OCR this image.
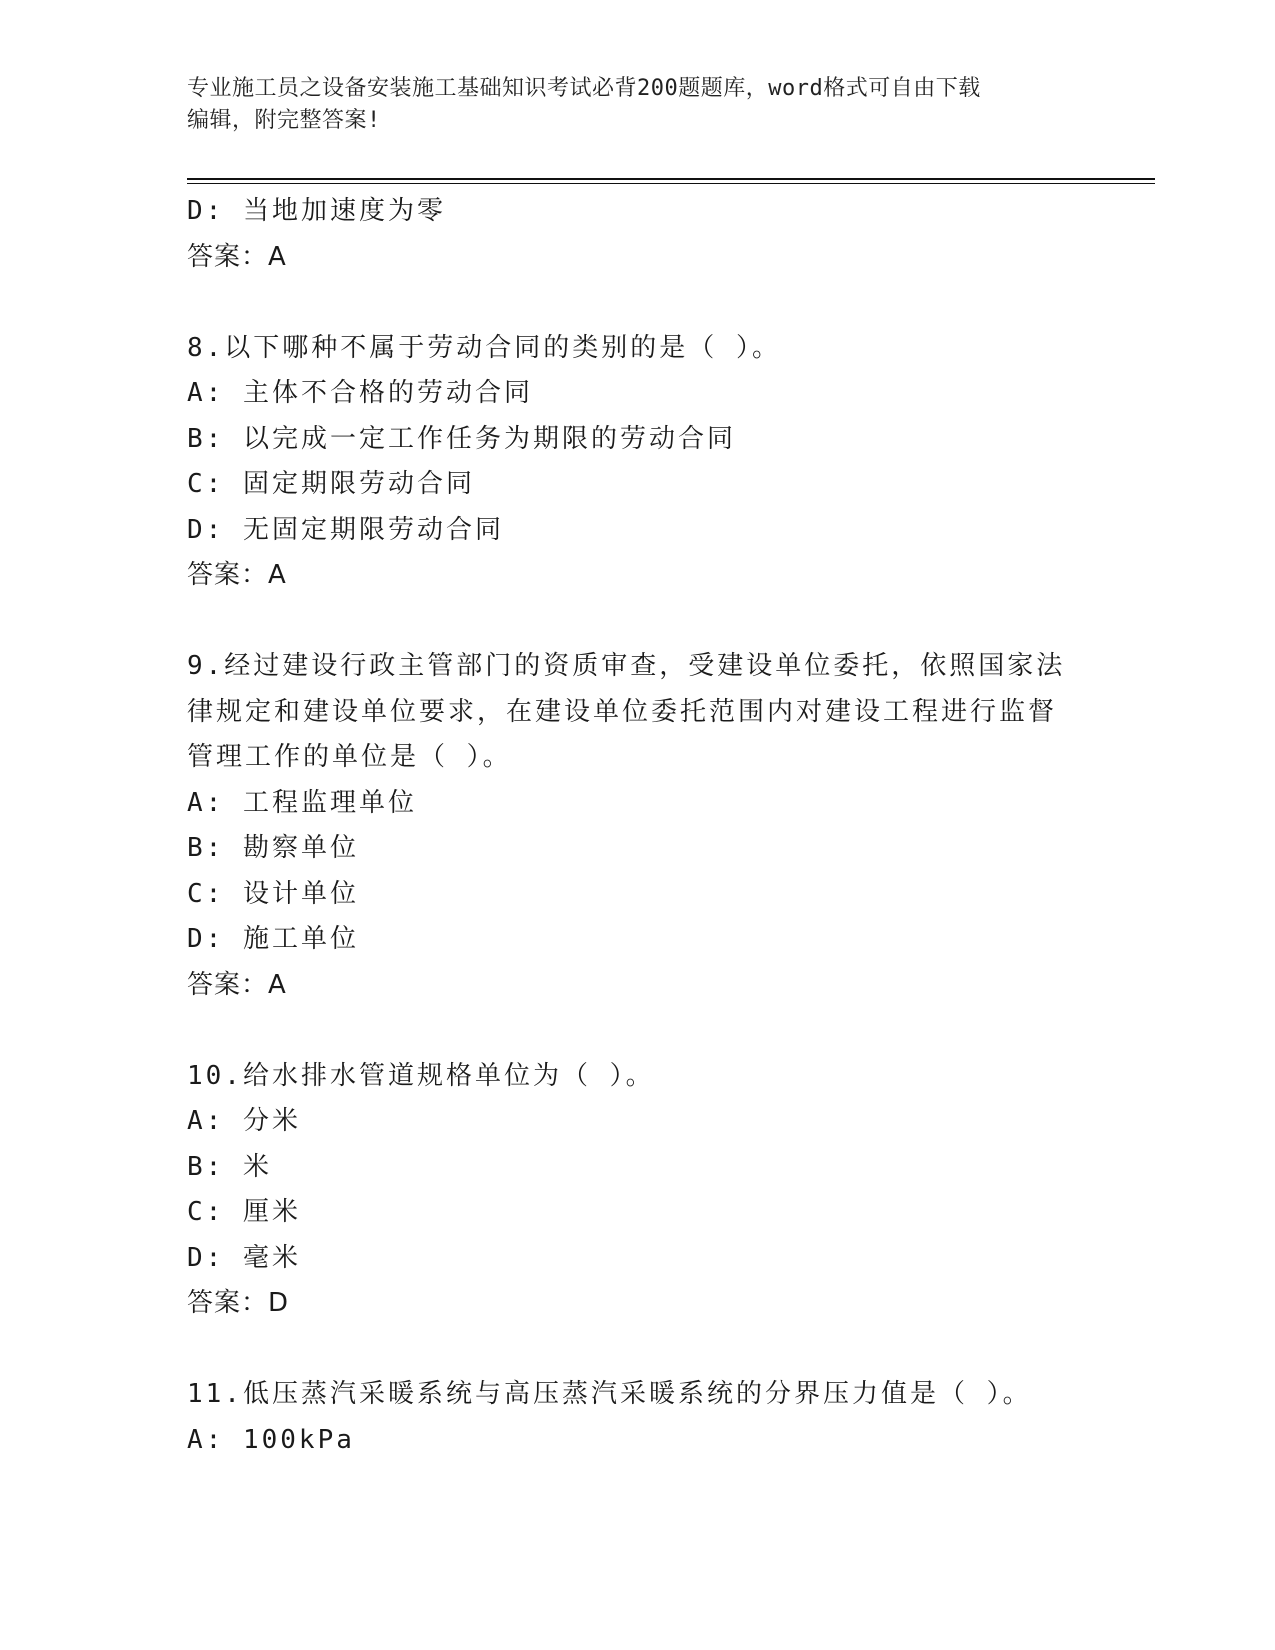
专业施工员之设备安装施工基础知识考试必背200题题库，word格式可自由下载
编辑，附完整答案!
D: 当地加速度为零
答案：A
8.以下哪种不属于劳动合同的类别的是（ ）。
A: 主体不合格的劳动合同
B: 以完成一定工作任务为期限的劳动合同
C: 固定期限劳动合同
D: 无固定期限劳动合同
答案：A
9.经过建设行政主管部门的资质审查，受建设单位委托，依照国家法
律规定和建设单位要求，在建设单位委托范围内对建设工程进行监督
管理工作的单位是（ ）。
A: 工程监理单位
B: 勘察单位
C: 设计单位
D: 施工单位
答案：A
10.给水排水管道规格单位为（ ）。
A: 分米
B: 米
C: 厘米
D: 毫米
答案：D
11.低压蒸汽采暖系统与高压蒸汽采暖系统的分界压力值是（ ）。
A: 100kPa
